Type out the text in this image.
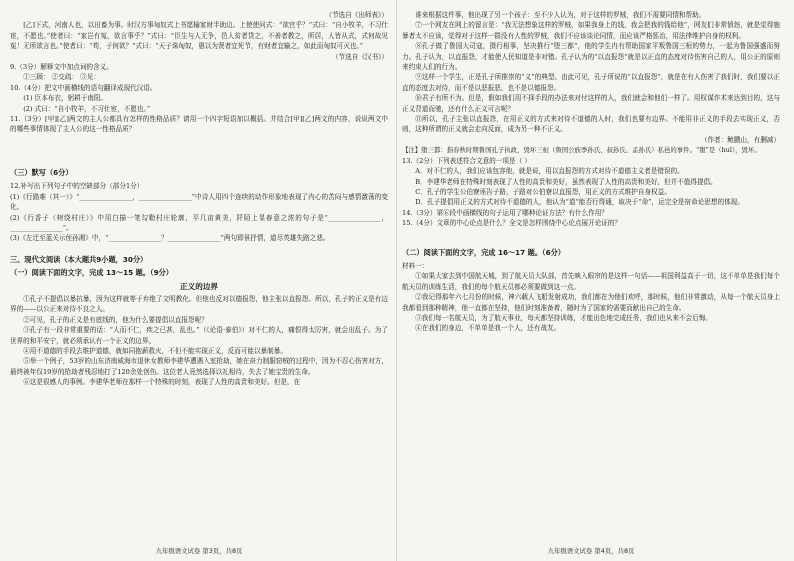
（节选自《出师表》）

[乙]下式，河南人也，以田畜为事。时汉方事匈奴式上书愿输家财半助边。上使使问式：“欲官乎？”式曰：“自小牧羊，不习仕宦，不愿也。”使者曰：“家岂有冤，欲言事乎？”式曰：“臣生与人无争，邑人贫者贷之，不善者教之，所居，人皆从式，式何故见冤！无所欲言也。”使者曰：“苟，子何欲？”式曰：“天子诛匈奴，愚以为贤者宜死节，有财者宜输之，如此而匈奴可灭也。”

（节选自《汉书》）

9.（3分）解释文中加点词的含义。

①三顾： ②交疏： ③见：

10.（4分）把文中画横线的语句翻译成现代汉语。

(1) 臣本布衣，躬耕于南阳。

(2) 式曰：“自小牧羊，不习仕宦，不愿也。”

11.（3分）[甲][乙]两文的主人公都具有怎样的性格品质？请用一个四字短语加以概括。并结合[甲][乙]两文的内容，说说两文中的哪些事情体现了主人公的这一性格品质？

（三）默写（6分）

12.补写出下列句子中的空缺部分（部分1分）

(1)《行路难（其一）》“________________，________________”中诗人用四个连续的动作形象地表现了内心的苦闷与感情激荡的变化。

(2)《行香子（树绕村庄）》中用白描一笔勾勒村庄轮廓，平几亩黄美，阡陌上显春意之浓的句子是“________________，________________”。

(3)《左迁至蓝关示侄孙湘》中，“________________？________________”两句即景抒情，道尽英雄失路之悲。

三、现代文阅读（本大题共9小题，30分）

（一）阅读下面的文字，完成 13～15 题。（9分）

正义的边界

①孔子不提倡以暴抗暴，因为这样就等于弃绝了文明教化。但他也反对以德报怨，他主张以直报怨。所以，孔子的正义是有边界的——以公正来对待不良之人。

②可见，孔子的正义是有底线的，他为什么要提倡以直报怨呢？

③孔子有一段非常重要的话：“人而不仁，疾之已甚，乱也。”（《论语·泰伯》）对不仁的人，痛恨得太厉害，就会出乱子。为了世界的和平安宁，就必须承认有一个正义的边界。

④用不道德的手段去维护道德，就如同抱薪救火，不但不能实现正义，反而可能以暴制暴。

⑤举一个例子，53岁的山东济南威海市退休女教师李建华遭遇入室抢劫，她在奋力制服窃贼的过程中，因为不忍心伤害对方，最终被年仅19岁的抢劫者残忍地打了120余处创伤。这位老人竟然选择以礼相待，失去了她宝贵的生命。

⑥这是很感人的事例。李建华老师在那样一个特殊的时刻，表现了人性的高贵和美好。但是，在

谁来根据这件事，他出现了另一个孩子：至不少人认为，对于这样的罗贼，我们不需要同情和帮助。

⑦一个网友在网上的留言是：“我无法想象这样的罗贼，如果我身上的钱，我会把我的钱给他”，网友们非常愤怒，就是觉得施暴者太不应该，觉得对于这样一群没有人性的罗贼，我们不应该谈论同情，而应该严格惩治，用法律维护自身的权利。

⑧孔子做了鲁国大司寇，摄行相事，坚决推行“堕三都”，他的学生冉有帮助国家平叛鲁国三桓的势力，一起为鲁国强盛而努力。孔子认为，以直报怨，才能使人民知道是非对错。孔子认为的“以直报怨”就是以正直的态度对待伤害自己的人，用公正的原则来约束人们的行为。

⑨这样一个学生，正是孔子所推崇的“义”的典型。由此可见，孔子所说的“以直报怨”，就是在有人伤害了我们时，我们要以正直的态度去对待，而不是以恶报恶，也不是以德报怨。

⑩君子有所不为。但是，假如我们用不择手段的办法来对付这样的人，我们就会和他们一样了。用权谋诈术来达到目的，这与正义背道而驰，还有什么正义可言呢？

⑪所以，孔子主张以直报怨，在用正义的方式来对待不道德的人时，我们也要有边界。不能用非正义的手段去实现正义，否则，这种所谓的正义就会走向反面，成为另一种不正义。

（作者：鲍鹏山，有删减）

【注】堕三都：指春秋时期鲁国孔子执政，毁坏三桓（鲁国公族季孙氏、叔孙氏、孟孙氏）私邑的事件。“堕”是（huī），毁坏。

13.（2分）下列表述符合文意的一项是（ ）

A．对不仁的人，我们应该包容他，就是说，用以直报怨的方式对待不道德主义者是错误的。

B．李建华老师在特殊时刻表现了人性的高贵和美好，虽然表现了人性的高贵和美好，但并不值得提倡。

C．孔子的学生公伯寮诬告子路，子路对公伯寮以直报怨，用正义的方式维护自身权益。

D．孔子提倡用正义的方式对待不道德的人，他认为“道”能否行得通，取决于“命”，运完全是宿命论思想的体现。

14.（3分）第⑥段中画横线的句子运用了哪种论证方法？有什么作用？

15.（4分）文章的中心论点是什么？全文是怎样围绕中心论点展开论证的？

（二）阅读下面的文字，完成 16～17 题。（6分）

材料一：

①如果大家去到中国航天城，到了航天员大队部，首先映入眼帘的是这样一句话——祖国利益高于一切，这不单单是我们每个航天员的训练生活，我们的每个航天员都必须要做到这一点。

②我记得那年六七月份的时候，神六载人飞船发射成功，我们都在为他们欢呼，那时候，他们非常激动，从每一个航天员身上我都看到那种精神，他一直都在坚持，他们时刻准备着，随时为了国家的需要而献出自己的生命。

③我们每一名航天员，为了航天事业，每天都坚持训练，才能出色地完成任务，我们也从来不会后悔。

④在我们的身边，不单单是我一个人，还有战友。

九年级语文试卷 第3页，共8页	九年级语文试卷 第4页，共8页
